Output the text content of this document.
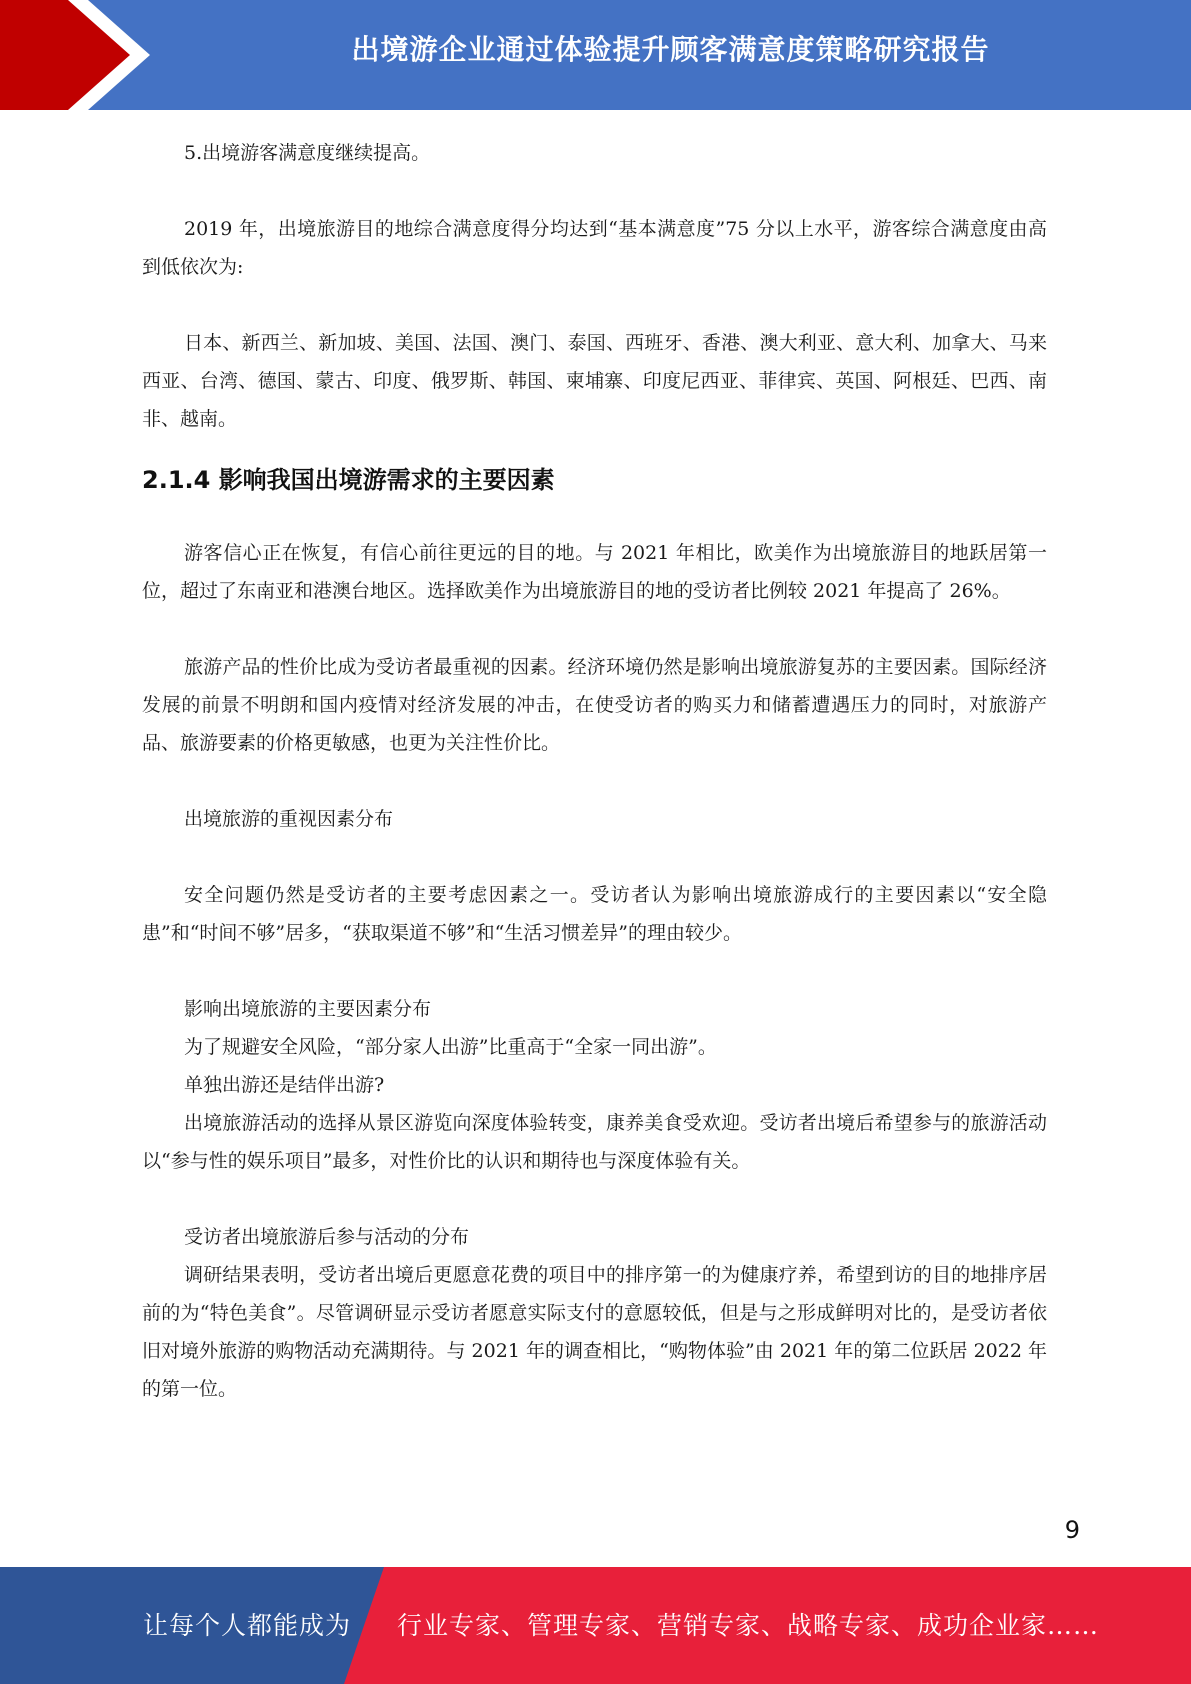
出境游企业通过体验提升顾客满意度策略研究报告

5.出境游客满意度继续提高。

2019 年，出境旅游目的地综合满意度得分均达到“基本满意度”75 分以上水平，游客综合满意度由高到低依次为:

日本、新西兰、新加坡、美国、法国、澳门、泰国、西班牙、香港、澳大利亚、意大利、加拿大、马来西亚、台湾、德国、蒙古、印度、俄罗斯、韩国、柬埔寨、印度尼西亚、菲律宾、英国、阿根廷、巴西、南非、越南。

2.1.4 影响我国出境游需求的主要因素

游客信心正在恢复，有信心前往更远的目的地。与 2021 年相比，欧美作为出境旅游目的地跃居第一位，超过了东南亚和港澳台地区。选择欧美作为出境旅游目的地的受访者比例较 2021 年提高了 26%。

旅游产品的性价比成为受访者最重视的因素。经济环境仍然是影响出境旅游复苏的主要因素。国际经济发展的前景不明朗和国内疫情对经济发展的冲击，在使受访者的购买力和储蓄遭遇压力的同时，对旅游产品、旅游要素的价格更敏感，也更为关注性价比。

出境旅游的重视因素分布

安全问题仍然是受访者的主要考虑因素之一。受访者认为影响出境旅游成行的主要因素以“安全隐患”和“时间不够”居多，“获取渠道不够”和“生活习惯差异”的理由较少。

影响出境旅游的主要因素分布

为了规避安全风险，“部分家人出游”比重高于“全家一同出游”。

单独出游还是结伴出游?

出境旅游活动的选择从景区游览向深度体验转变，康养美食受欢迎。受访者出境后希望参与的旅游活动以“参与性的娱乐项目”最多，对性价比的认识和期待也与深度体验有关。

受访者出境旅游后参与活动的分布

调研结果表明，受访者出境后更愿意花费的项目中的排序第一的为健康疗养，希望到访的目的地排序居前的为“特色美食”。尽管调研显示受访者愿意实际支付的意愿较低，但是与之形成鲜明对比的，是受访者依旧对境外旅游的购物活动充满期待。与 2021 年的调查相比，“购物体验”由 2021 年的第二位跃居 2022 年的第一位。

9
让每个人都能成为 行业专家、管理专家、营销专家、战略专家、成功企业家……
